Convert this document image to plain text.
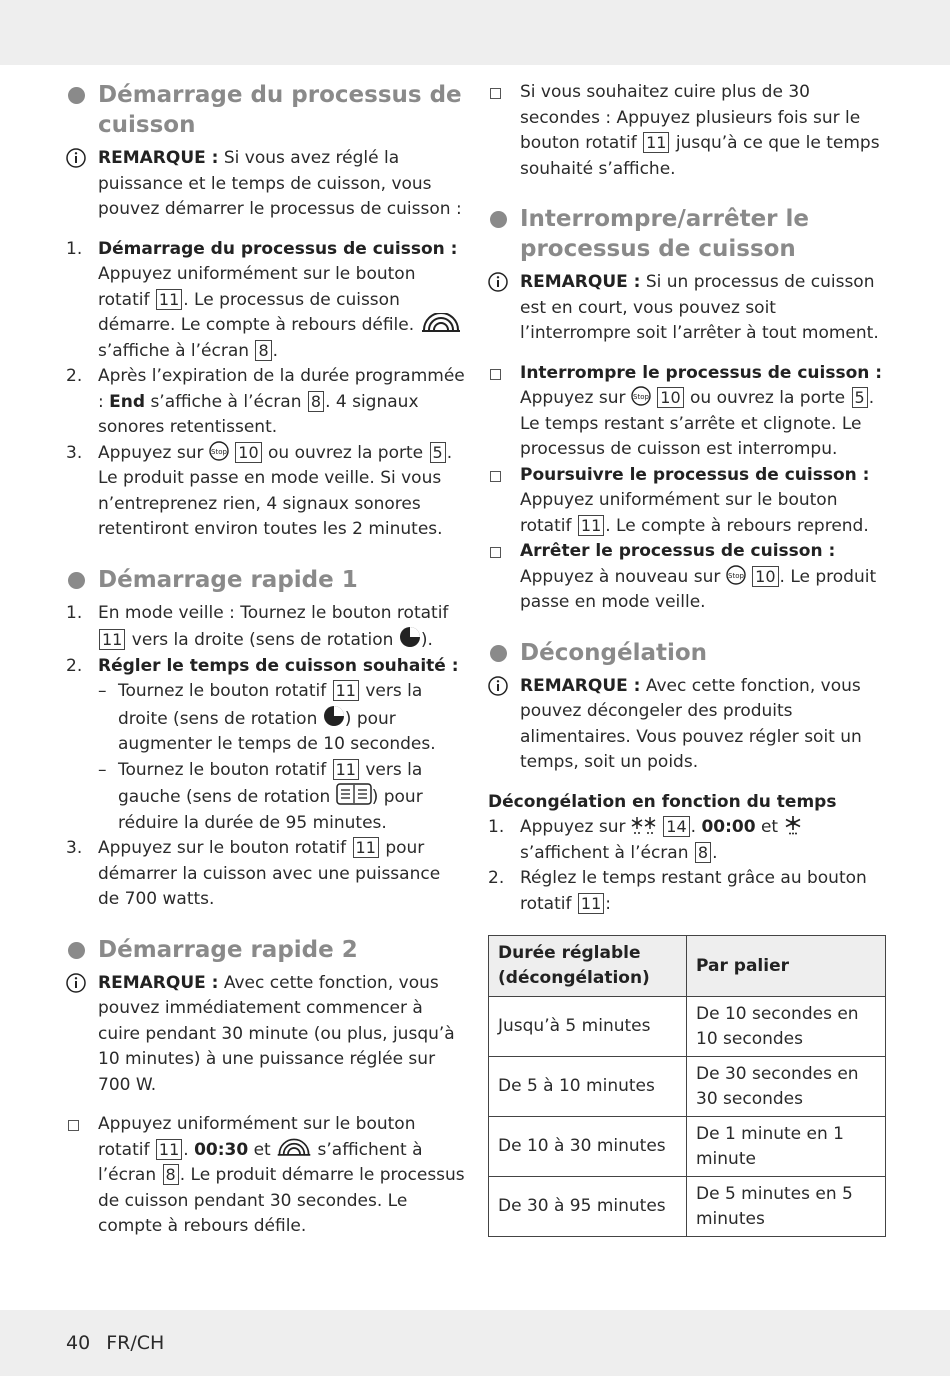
Démarrage du processus de cuisson
REMARQUE : Si vous avez réglé la puissance et le temps de cuisson, vous pouvez démarrer le processus de cuisson :
1. Démarrage du processus de cuisson : Appuyez uniformément sur le bouton rotatif 11 . Le processus de cuisson démarre. Le compte à rebours défile.  s’affiche à l’écran 8 .
2. Après l’expiration de la durée programmée : End s’affiche à l’écran 8 . 4 signaux sonores retentissent.
3. Appuyez sur Stop 10 ou ouvrez la porte 5 . Le produit passe en mode veille. Si vous n’entreprenez rien, 4 signaux sonores retentiront environ toutes les 2 minutes.
Démarrage rapide 1
1. En mode veille : Tournez le bouton rotatif 11 vers la droite (sens de rotation ).
2. Régler le temps de cuisson souhaité :
– Tournez le bouton rotatif 11 vers la droite (sens de rotation ) pour augmenter le temps de 10 secondes.
– Tournez le bouton rotatif 11 vers la gauche (sens de rotation ) pour réduire la durée de 95 minutes.
3. Appuyez sur le bouton rotatif 11 pour démarrer la cuisson avec une puissance de 700 watts.
Démarrage rapide 2
REMARQUE : Avec cette fonction, vous pouvez immédiatement commencer à cuire pendant 30 minute (ou plus, jusqu’à 10 minutes) à une puissance réglée sur 700 W.
Appuyez uniformément sur le bouton rotatif 11 . 00:30 et	s’affichent à l’écran 8 . Le produit démarre le processus de cuisson pendant 30 secondes. Le compte à rebours défile.
Si vous souhaitez cuire plus de 30 secondes : Appuyez plusieurs fois sur le bouton rotatif 11 jusqu’à ce que le temps souhaité s’affiche.
Interrompre/arrêter le processus de cuisson
REMARQUE : Si un processus de cuisson est en court, vous pouvez soit l’interrompre soit l’arrêter à tout moment.
Interrompre le processus de cuisson : Appuyez sur Stop 10 ou ouvrez la porte 5 . Le temps restant s’arrête et clignote. Le processus de cuisson est interrompu.
Poursuivre le processus de cuisson : Appuyez uniformément sur le bouton rotatif 11 . Le compte à rebours reprend.
Arrêter le processus de cuisson : Appuyez à nouveau sur Stop 10 . Le produit passe en mode veille.
Décongélation
REMARQUE : Avec cette fonction, vous pouvez décongeler des produits alimentaires. Vous pouvez régler soit un temps, soit un poids.
Décongélation en fonction du temps
1. Appuyez sur	14 . 00:00 et  s’affichent à l’écran 8 .
2. Réglez le temps restant grâce au bouton rotatif 11 :
Durée réglable (décongélation)	Par palier
Jusqu’à 5 minutes	De 10 secondes en 10 secondes
De 5 à 10 minutes	De 30 secondes en 30 secondes
De 10 à 30 minutes	De 1 minute en 1 minute
De 30 à 95 minutes	De 5 minutes en 5 minutes
40 FR/CH
